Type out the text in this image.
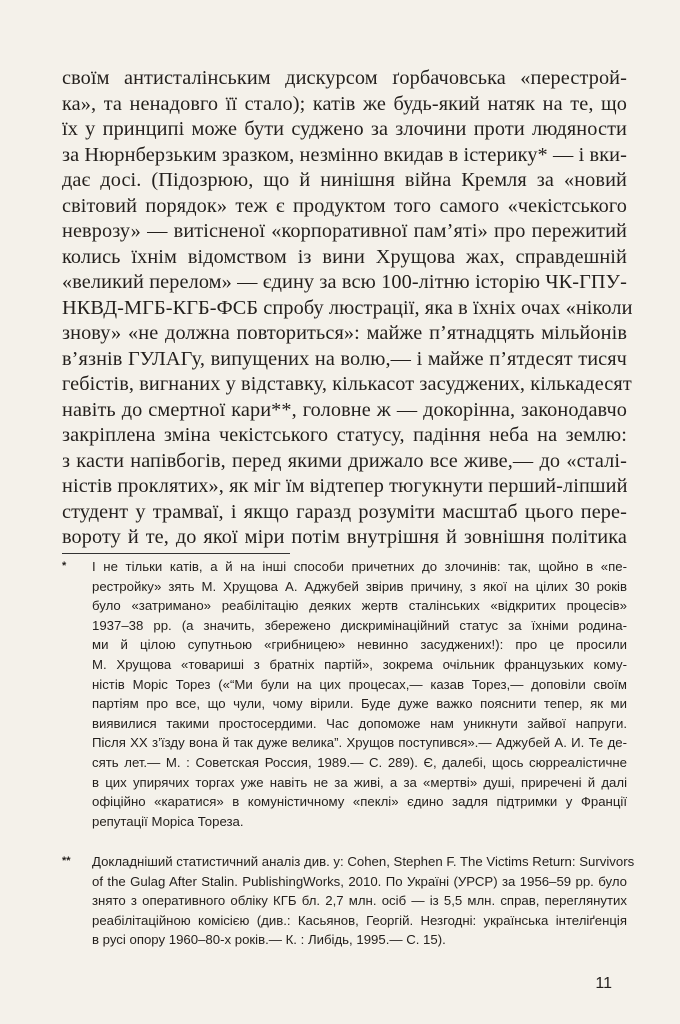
своїм антисталінським дискурсом ґорбачовська «перестрой-
ка», та ненадовго її стало); катів же будь-який натяк на те, що
їх у принципі може бути суджено за злочини проти людяности
за Нюрнберзьким зразком, незмінно вкидав в істерику* — і вки-
дає досі. (Підозрюю, що й нинішня війна Кремля за «новий
світовий порядок» теж є продуктом того самого «чекістського
неврозу» — витісненої «корпоративної пам’яті» про пережитий
колись їхнім відомством із вини Хрущова жах, справдешній
«великий перелом» — єдину за всю 100-літню історію ЧК-ГПУ-
НКВД-МГБ-КГБ-ФСБ спробу люстрації, яка в їхніх очах «ніколи
знову» «не должна повториться»: майже п’ятнадцять мільйонів
в’язнів ГУЛАГу, випущених на волю,— і майже п’ятдесят тисяч
гебістів, вигнаних у відставку, кількасот засуджених, кількадесят
навіть до смертної кари**, головне ж — докорінна, законодавчо
закріплена зміна чекістського статусу, падіння неба на землю:
з касти напівбогів, перед якими дрижало все живе,— до «сталі-
ністів проклятих», як міг їм відтепер тюгукнути перший-ліпший
студент у трамваї, і якщо гаразд розуміти масштаб цього пере-
вороту й те, до якої міри потім внутрішня й зовнішня політика
*	І не тільки катів, а й на інші способи причетних до злочинів: так, щойно в «пе-
рестройку» зять М. Хрущова А. Аджубей звірив причину, з якої на цілих 30 років
було «затримано» реабілітацію деяких жертв сталінських «відкритих процесів»
1937–38 рр. (а значить, збережено дискримінаційний статус за їхніми родина-
ми й цілою супутньою «грибницею» невинно засуджених!): про це просили
М. Хрущова «товариші з братніх партій», зокрема очільник французьких кому-
ністів Моріс Торез («“Ми були на цих процесах,— казав Торез,— доповіли своїм
партіям про все, що чули, чому вірили. Буде дуже важко пояснити тепер, як ми
виявилися такими простосердими. Час допоможе нам уникнути зайвої напруги.
Після ХХ з’їзду вона й так дуже велика”. Хрущов поступився».— Аджубей А. И. Те де-
сять лет.— М. : Советская Россия, 1989.— С. 289). Є, далебі, щось сюрреалістичне
в цих упирячих торгах уже навіть не за живі, а за «мертві» душі, приречені й далі
офіційно «каратися» в комуністичному «пеклі» єдино задля підтримки у Франції
репутації Моріса Тореза.
**	Докладніший статистичний аналіз див. у: Cohen, Stephen F. The Victims Return: Survivors
of the Gulag After Stalin. PublishingWorks, 2010. По Україні (УРСР) за 1956–59 рр. було
знято з оперативного обліку КГБ бл. 2,7 млн. осіб — із 5,5 млн. справ, переглянутих
реабілітаційною комісією (див.: Касьянов, Георгій. Незгодні: українська інтеліґенція
в русі опору 1960–80-х років.— К. : Либідь, 1995.— С. 15).
11
